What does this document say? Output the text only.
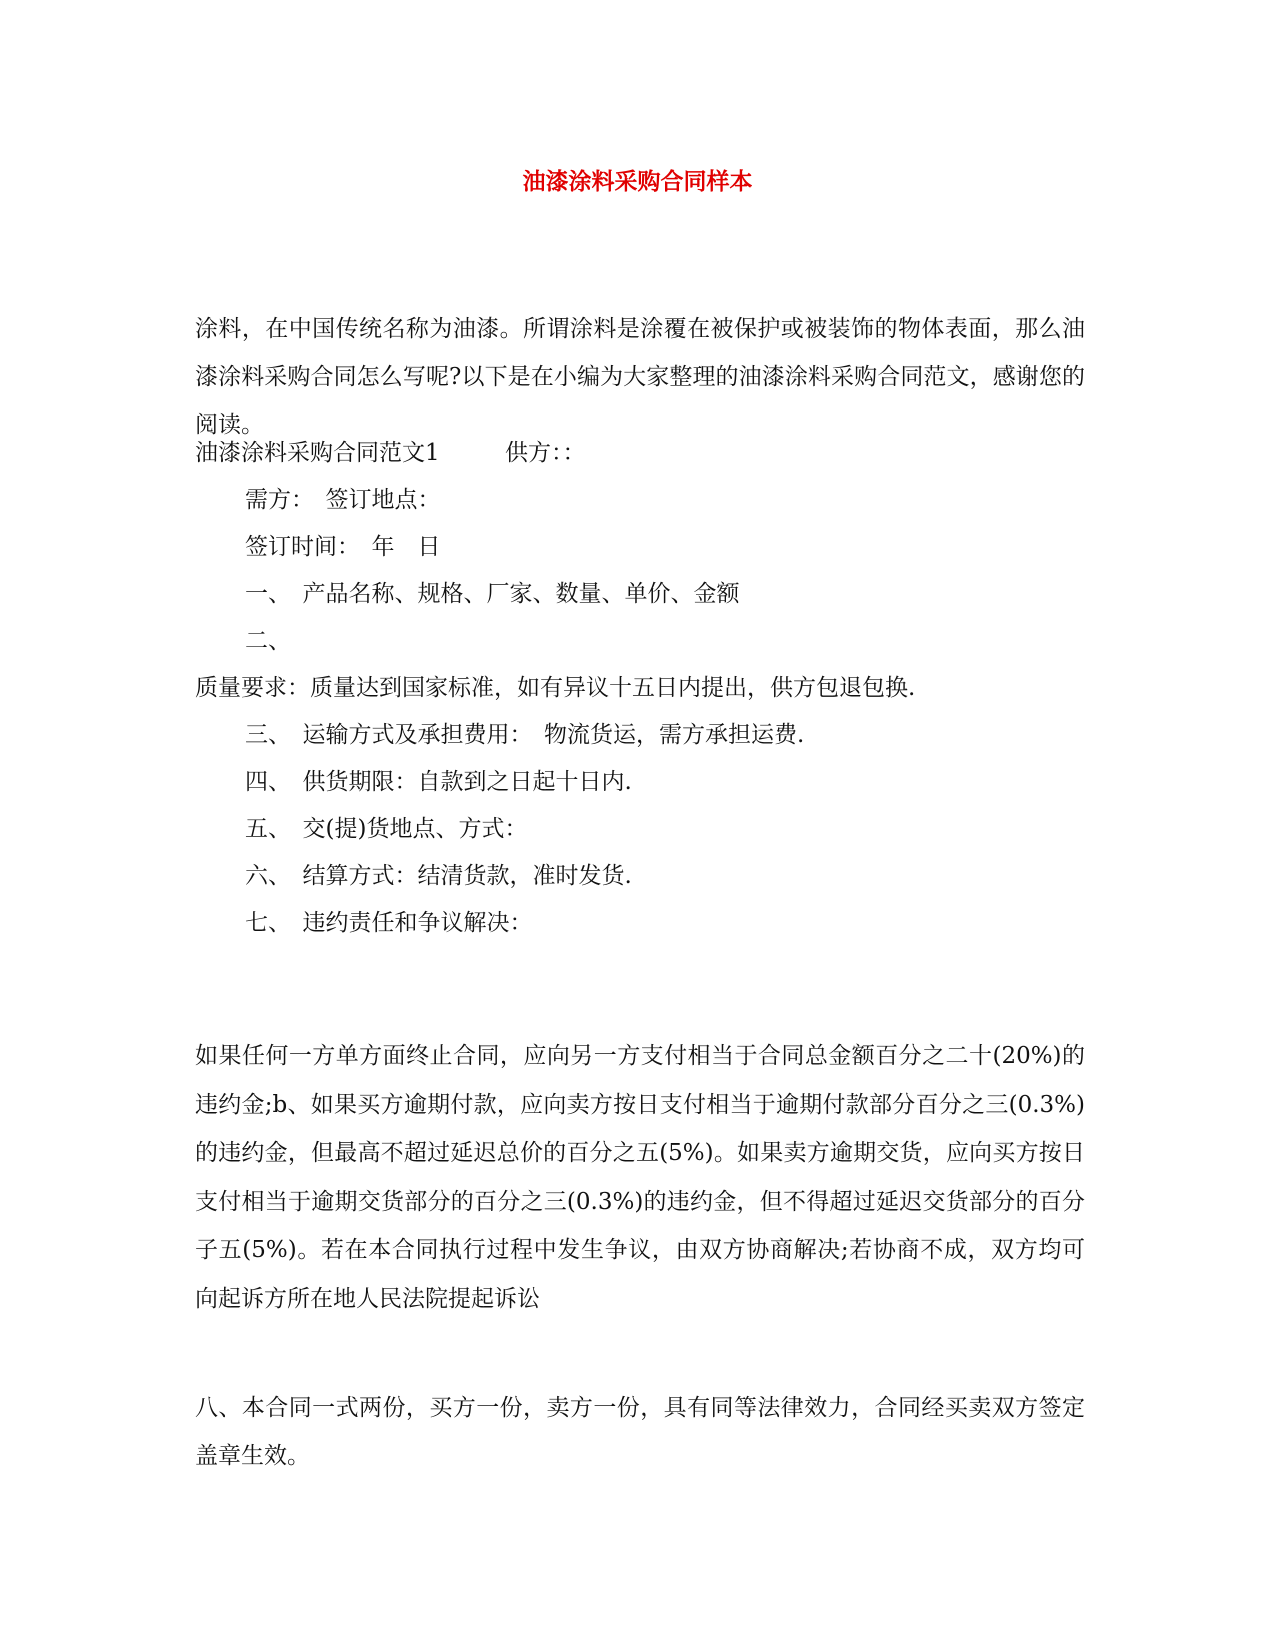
油漆涂料采购合同样本
涂料，在中国传统名称为油漆。所谓涂料是涂覆在被保护或被装饰的物体表面，那么油漆涂料采购合同怎么写呢?以下是在小编为大家整理的油漆涂料采购合同范文，感谢您的阅读。
油漆涂料采购合同范文1	供方：：
需方：　签订地点：
签订时间：　年　日
一、　产品名称、规格、厂家、数量、单价、金额
二、
质量要求：质量达到国家标准，如有异议十五日内提出，供方包退包换.
三、　运输方式及承担费用：　物流货运，需方承担运费.
四、　供货期限：自款到之日起十日内.
五、　交(提)货地点、方式：
六、　结算方式：结清货款，准时发货.
七、　违约责任和争议解决：
如果任何一方单方面终止合同，应向另一方支付相当于合同总金额百分之二十(20%)的违约金;b、如果买方逾期付款，应向卖方按日支付相当于逾期付款部分百分之三(0.3%)的违约金，但最高不超过延迟总价的百分之五(5%)。如果卖方逾期交货，应向买方按日支付相当于逾期交货部分的百分之三(0.3%)的违约金，但不得超过延迟交货部分的百分子五(5%)。若在本合同执行过程中发生争议，由双方协商解决;若协商不成，双方均可向起诉方所在地人民法院提起诉讼
八、本合同一式两份，买方一份，卖方一份，具有同等法律效力，合同经买卖双方签定盖章生效。
